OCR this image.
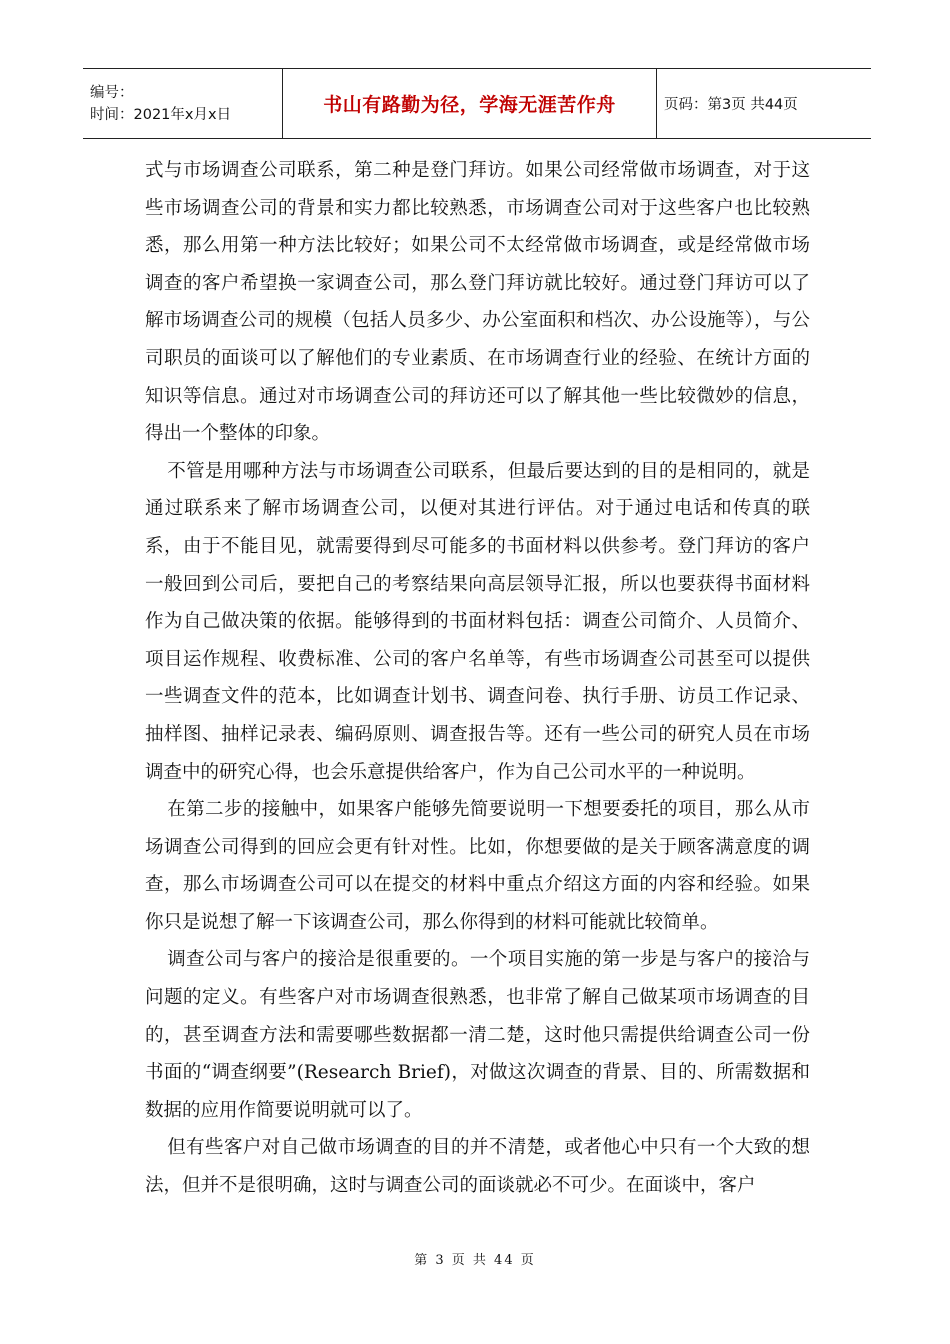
编号：
时间：2021年x月x日	书山有路勤为径，学海无涯苦作舟	页码：第3页 共44页

式与市场调查公司联系，第二种是登门拜访。如果公司经常做市场调查，对于这些市场调查公司的背景和实力都比较熟悉，市场调查公司对于这些客户也比较熟悉，那么用第一种方法比较好；如果公司不太经常做市场调查，或是经常做市场调查的客户希望换一家调查公司，那么登门拜访就比较好。通过登门拜访可以了解市场调查公司的规模（包括人员多少、办公室面积和档次、办公设施等），与公司职员的面谈可以了解他们的专业素质、在市场调查行业的经验、在统计方面的知识等信息。通过对市场调查公司的拜访还可以了解其他一些比较微妙的信息，得出一个整体的印象。

不管是用哪种方法与市场调查公司联系，但最后要达到的目的是相同的，就是通过联系来了解市场调查公司，以便对其进行评估。对于通过电话和传真的联系，由于不能目见，就需要得到尽可能多的书面材料以供参考。登门拜访的客户一般回到公司后，要把自己的考察结果向高层领导汇报，所以也要获得书面材料作为自己做决策的依据。能够得到的书面材料包括：调查公司简介、人员简介、项目运作规程、收费标准、公司的客户名单等，有些市场调查公司甚至可以提供一些调查文件的范本，比如调查计划书、调查问卷、执行手册、访员工作记录、抽样图、抽样记录表、编码原则、调查报告等。还有一些公司的研究人员在市场调查中的研究心得，也会乐意提供给客户，作为自己公司水平的一种说明。

在第二步的接触中，如果客户能够先简要说明一下想要委托的项目，那么从市场调查公司得到的回应会更有针对性。比如，你想要做的是关于顾客满意度的调查，那么市场调查公司可以在提交的材料中重点介绍这方面的内容和经验。如果你只是说想了解一下该调查公司，那么你得到的材料可能就比较简单。

调查公司与客户的接洽是很重要的。一个项目实施的第一步是与客户的接洽与问题的定义。有些客户对市场调查很熟悉，也非常了解自己做某项市场调查的目的，甚至调查方法和需要哪些数据都一清二楚，这时他只需提供给调查公司一份书面的“调查纲要”(Research Brief)，对做这次调查的背景、目的、所需数据和数据的应用作简要说明就可以了。

但有些客户对自己做市场调查的目的并不清楚，或者他心中只有一个大致的想法，但并不是很明确，这时与调查公司的面谈就必不可少。在面谈中，客户

第 3 页 共 44 页
